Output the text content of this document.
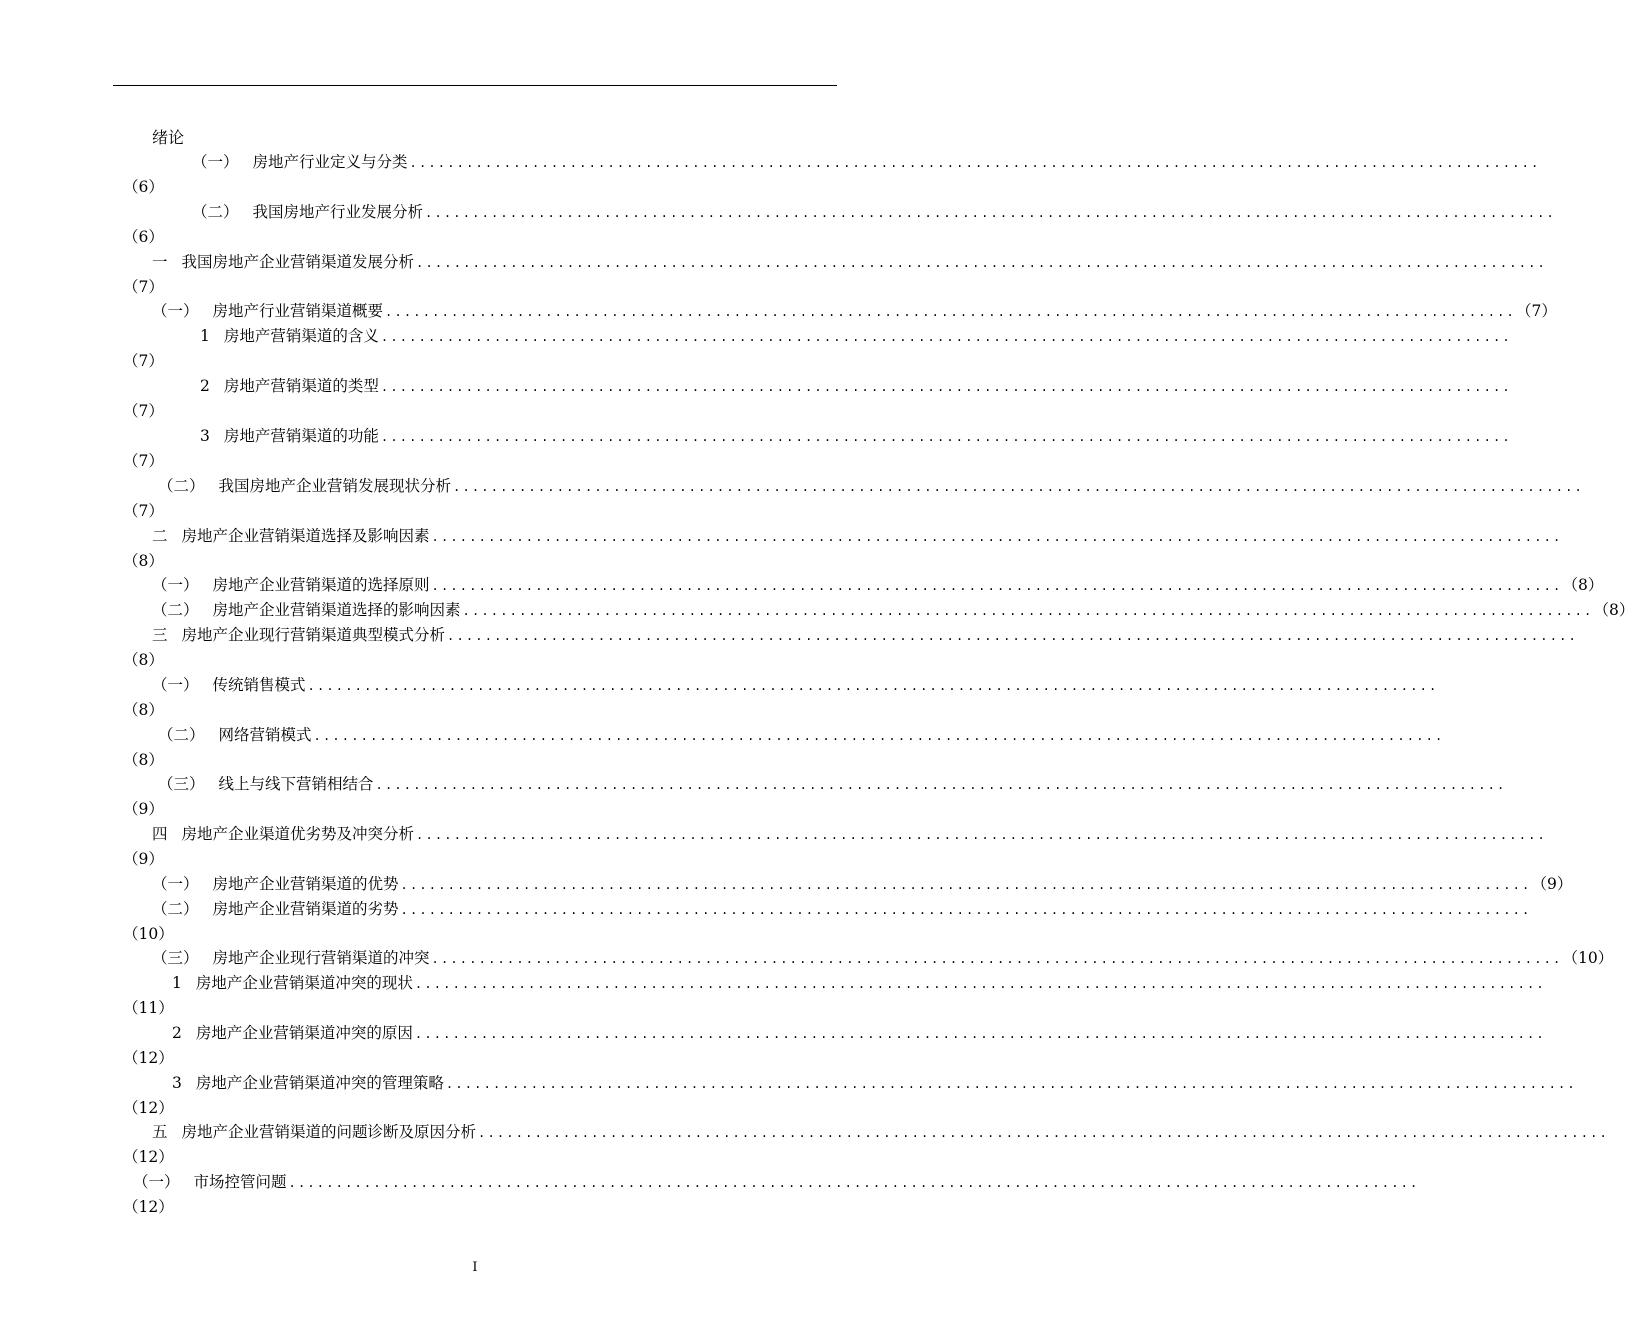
绪论
（一） 房地产行业定义与分类 ........................................................................................................................
（6）
（二） 我国房地产行业发展分析 ........................................................................................................................
（6）
一 我国房地产企业营销渠道发展分析 ........................................................................................................................
（7）
（一） 房地产行业营销渠道概要 ........................................................................................................................ （7）
1 房地产营销渠道的含义 ........................................................................................................................
（7）
2 房地产营销渠道的类型 ........................................................................................................................
（7）
3 房地产营销渠道的功能 ........................................................................................................................
（7）
（二） 我国房地产企业营销发展现状分析 ........................................................................................................................
（7）
二 房地产企业营销渠道选择及影响因素 ........................................................................................................................
（8）
（一） 房地产企业营销渠道的选择原则 ........................................................................................................................ （8）
（二） 房地产企业营销渠道选择的影响因素 ........................................................................................................................ （8）
三 房地产企业现行营销渠道典型模式分析 ........................................................................................................................
（8）
（一） 传统销售模式 ........................................................................................................................
（8）
（二） 网络营销模式 ........................................................................................................................
（8）
（三） 线上与线下营销相结合 ........................................................................................................................
（9）
四 房地产企业渠道优劣势及冲突分析 ........................................................................................................................
（9）
（一） 房地产企业营销渠道的优势 ........................................................................................................................ （9）
（二） 房地产企业营销渠道的劣势 ........................................................................................................................
（10）
（三） 房地产企业现行营销渠道的冲突 ........................................................................................................................ （10）
1 房地产企业营销渠道冲突的现状 ........................................................................................................................
（11）
2 房地产企业营销渠道冲突的原因 ........................................................................................................................
（12）
3 房地产企业营销渠道冲突的管理策略 ........................................................................................................................
（12）
五 房地产企业营销渠道的问题诊断及原因分析 ........................................................................................................................
（12）
（一） 市场控管问题 ........................................................................................................................
（12）
I
